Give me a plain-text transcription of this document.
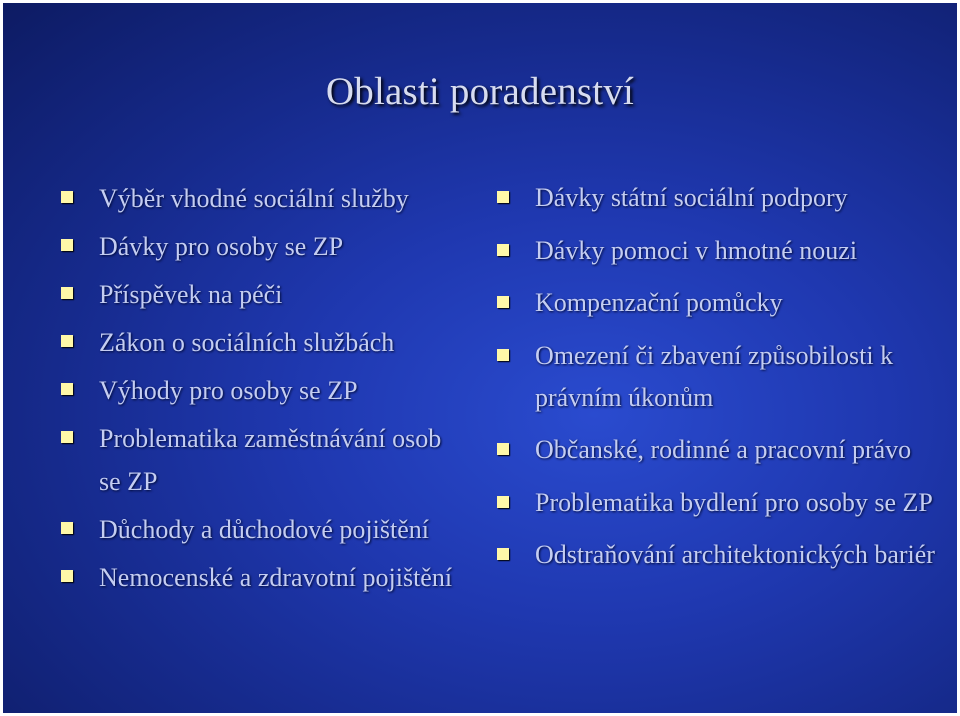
Oblasti poradenství
Výběr vhodné sociální služby
Dávky pro osoby se ZP
Příspěvek na péči
Zákon o sociálních službách
Výhody pro osoby se ZP
Problematika zaměstnávání osob se ZP
Důchody a důchodové pojištění
Nemocenské a zdravotní pojištění
Dávky státní sociální podpory
Dávky pomoci v hmotné nouzi
Kompenzační pomůcky
Omezení či zbavení způsobilosti k právním úkonům
Občanské, rodinné a pracovní právo
Problematika bydlení pro osoby se ZP
Odstraňování architektonických bariér
